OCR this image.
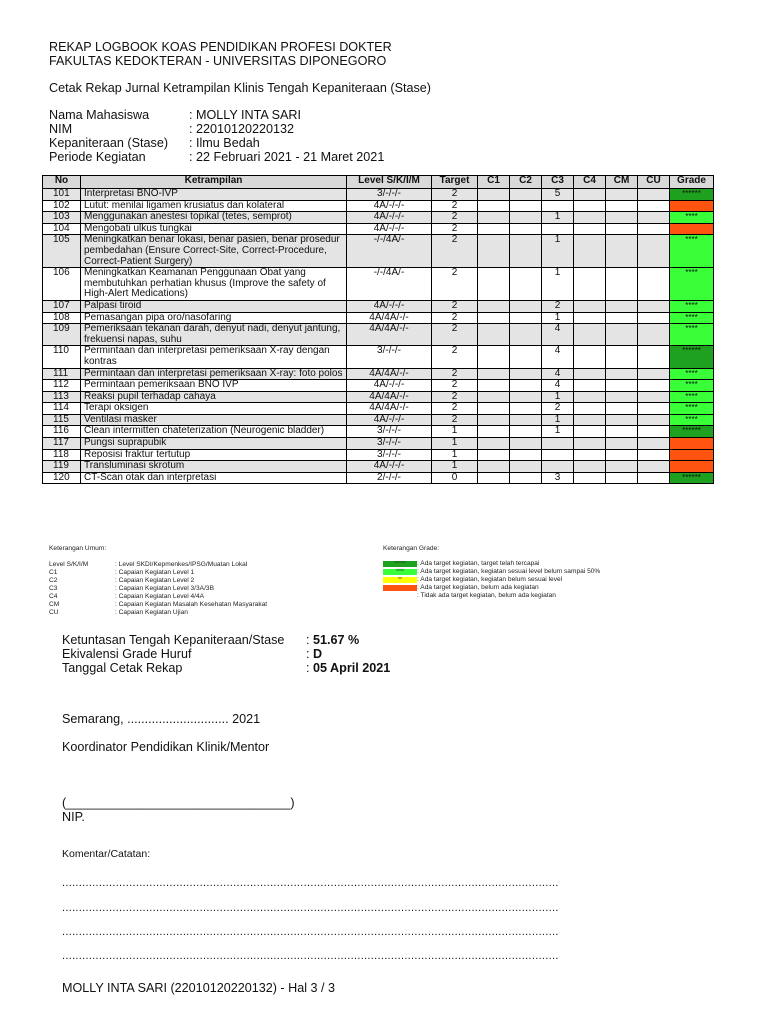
REKAP LOGBOOK KOAS PENDIDIKAN PROFESI DOKTER
FAKULTAS KEDOKTERAN - UNIVERSITAS DIPONEGORO
Cetak Rekap Jurnal Ketrampilan Klinis Tengah Kepaniteraan (Stase)
Nama Mahasiswa	: MOLLY INTA SARI
NIM	: 22010120220132
Kepaniteraan (Stase)	: Ilmu Bedah
Periode Kegiatan	: 22 Februari 2021 - 21 Maret 2021
No	Ketrampilan	Level S/K/I/M	Target	C1	C2	C3	C4	CM	CU	Grade
101	Interpretasi BNO-IVP	3/-/-/-	2			5				******
102	Lutut: menilai ligamen krusiatus dan kolateral	4A/-/-/-	2							
103	Menggunakan anestesi topikal (tetes, semprot)	4A/-/-/-	2			1				****
104	Mengobati ulkus tungkai	4A/-/-/-	2							
105	Meningkatkan benar lokasi, benar pasien, benar prosedur pembedahan (Ensure Correct-Site, Correct-Procedure, Correct-Patient Surgery)	-/-/4A/-	2			1				****
106	Meningkatkan Keamanan Penggunaan Obat yang membutuhkan perhatian khusus (Improve the safety of High-Alert Medications)	-/-/4A/-	2			1				****
107	Palpasi tiroid	4A/-/-/-	2			2				****
108	Pemasangan pipa oro/nasofaring	4A/4A/-/-	2			1				****
109	Pemeriksaan tekanan darah, denyut nadi, denyut jantung, frekuensi napas, suhu	4A/4A/-/-	2			4				****
110	Permintaan dan interpretasi pemeriksaan X-ray dengan kontras	3/-/-/-	2			4				******
111	Permintaan dan interpretasi pemeriksaan X-ray: foto polos	4A/4A/-/-	2			4				****
112	Permintaan pemeriksaan BNO IVP	4A/-/-/-	2			4				****
113	Reaksi pupil terhadap cahaya	4A/4A/-/-	2			1				****
114	Terapi oksigen	4A/4A/-/-	2			2				****
115	Ventilasi masker	4A/-/-/-	2			1				****
116	Clean intermitten chateterization (Neurogenic bladder)	3/-/-/-	1			1				******
117	Pungsi suprapubik	3/-/-/-	1							
118	Reposisi fraktur tertutup	3/-/-/-	1							
119	Transluminasi skrotum	4A/-/-/-	1							
120	CT-Scan otak dan interpretasi	2/-/-/-	0			3				******
Keterangan Umum:
Level S/K/I/M	: Level SKDI/Kepmenkes/IPSG/Muatan Lokal
C1	: Capaian Kegiatan Level 1
C2	: Capaian Kegiatan Level 2
C3	: Capaian Kegiatan Level 3/3A/3B
C4	: Capaian Kegiatan Level 4/4A
CM	: Capaian Kegiatan Masalah Kesehatan Masyarakat
CU	: Capaian Kegiatan Ujian
Keterangan Grade:
******	: Ada target kegiatan, target telah tercapai
****	: Ada target kegiatan, kegiatan sesuai level belum sampai 50%
**	: Ada target kegiatan, kegiatan belum sesuai level
: Ada target kegiatan, belum ada kegiatan
: Tidak ada target kegiatan, belum ada kegiatan
Ketuntasan Tengah Kepaniteraan/Stase : 51.67 %
Ekivalensi Grade Huruf	: D
Tanggal Cetak Rekap	: 05 April 2021
Semarang, ............................. 2021
Koordinator Pendidikan Klinik/Mentor
(________________________________)
NIP.
Komentar/Catatan:
....................................................................................................................................................
....................................................................................................................................................
....................................................................................................................................................
....................................................................................................................................................
MOLLY INTA SARI (22010120220132) - Hal 3 / 3
